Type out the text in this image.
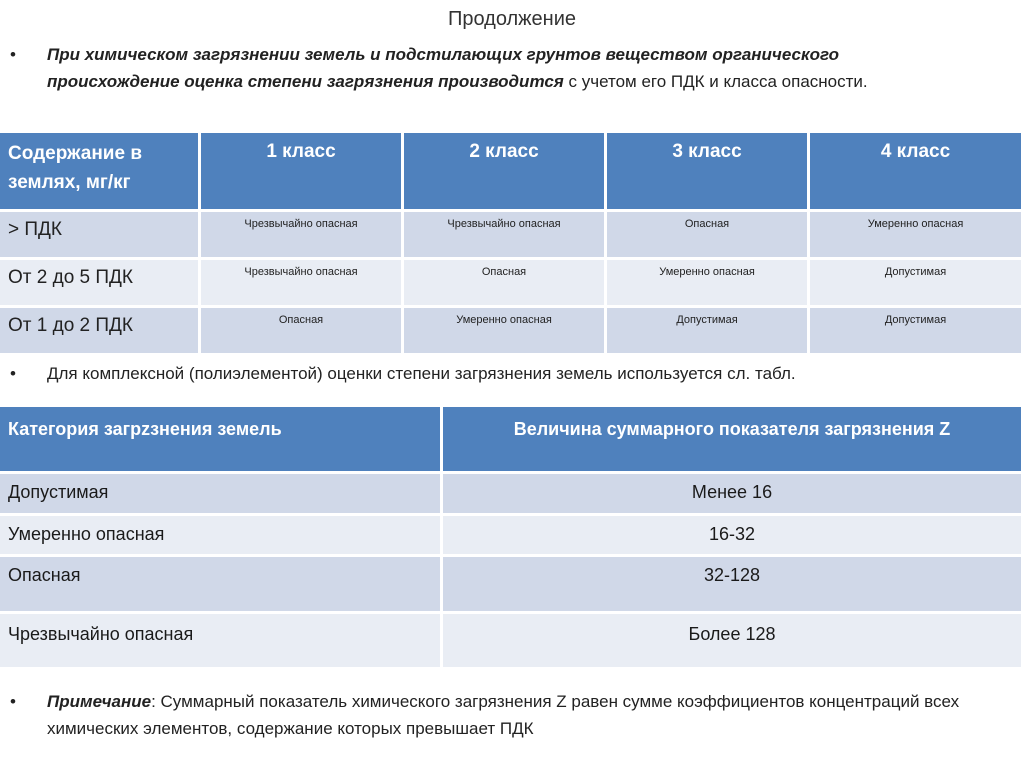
Продолжение
•	При химическом загрязнении земель и подстилающих грунтов веществом органического происхождение оценка степени загрязнения производится с учетом его ПДК и класса опасности.
Содержание в землях, мг/кг	1 класс	2 класс	3 класс	4 класс
> ПДК	Чрезвычайно опасная	Чрезвычайно опасная	Опасная	Умеренно опасная
От 2 до 5 ПДК	Чрезвычайно опасная	Опасная	Умеренно опасная	Допустимая
От 1 до 2 ПДК	Опасная	Умеренно опасная	Допустимая	Допустимая
•	Для комплексной (полиэлементой) оценки степени загрязнения земель используется сл. табл.
Категория загрzзнения земель	Величина суммарного показателя загрязнения Z
Допустимая	Менее 16
Умеренно опасная	16-32
Опасная	32-128
Чрезвычайно опасная	Более 128
•	Примечание: Суммарный показатель химического загрязнения Z равен сумме коэффициентов концентраций всех химических элементов, содержание которых превышает ПДК
